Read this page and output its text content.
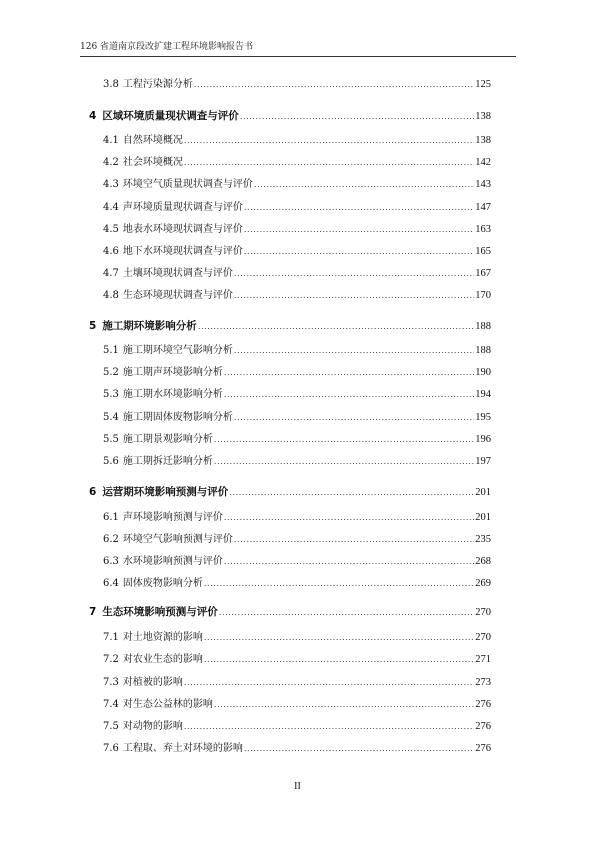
126 省道南京段改扩建工程环境影响报告书
3.8 工程污染源分析 .....	125
4 区域环境质量现状调查与评价 .....	138
4.1 自然环境概况 .....	138
4.2 社会环境概况 .....	142
4.3 环境空气质量现状调查与评价 .....	143
4.4 声环境质量现状调查与评价 .....	147
4.5 地表水环境现状调查与评价 .....	163
4.6 地下水环境现状调查与评价 .....	165
4.7 土壤环境现状调查与评价 .....	167
4.8 生态环境现状调查与评价 .....	170
5 施工期环境影响分析 .....	188
5.1 施工期环境空气影响分析 .....	188
5.2 施工期声环境影响分析 .....	190
5.3 施工期水环境影响分析 .....	194
5.4 施工期固体废物影响分析 .....	195
5.5 施工期景观影响分析 .....	196
5.6 施工期拆迁影响分析 .....	197
6 运营期环境影响预测与评价 .....	201
6.1 声环境影响预测与评价 .....	201
6.2 环境空气影响预测与评价 .....	235
6.3 水环境影响预测与评价 .....	268
6.4 固体废物影响分析 .....	269
7 生态环境影响预测与评价 .....	270
7.1 对土地资源的影响 .....	270
7.2 对农业生态的影响 .....	271
7.3 对植被的影响 .....	273
7.4 对生态公益林的影响 .....	276
7.5 对动物的影响 .....	276
7.6 工程取、弃土对环境的影响 .....	276
II
